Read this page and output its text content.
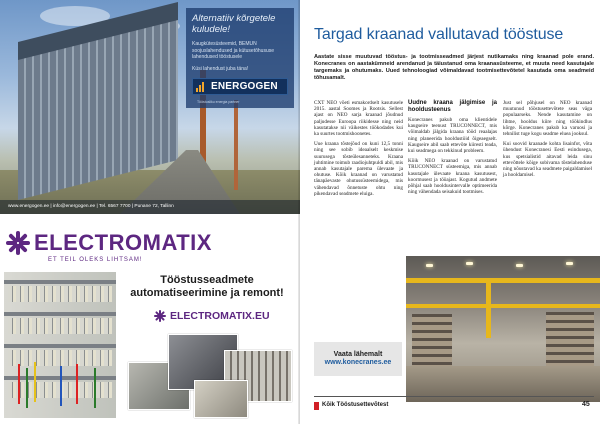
Alternatiiv kõrgetele kuludele!
Kaugkütesüsteemid, BEMUN soojuslahendused ja kütusetõhususe lahendused tööstusele
Küsi lahendust juba täna!
ENERGOGEN
Tööstusliku energia partner
www.energogen.ee | info@energogen.ee | Tel. 6567 7700 | Punane 72, Tallinn
ELECTROMATIX
ET TEIL OLEKS LIHTSAM!
Tööstusseadmete
automatiseerimine ja remont!
ELECTROMATIX.EU
Targad kraanad vallutavad tööstuse
Aastate sisse muutuvad tööstus- ja tootmisseadmed järjest nutikamaks ning kraanad pole erand. Konecranes on aastakümneid arendanud ja täiustanud oma kraanasüsteeme, et muuta need kasutajale targemaks ja ohutumaks. Uued tehnoloogiad võimaldavad tootmisettevõtetel kasutada oma seadmeid tõhusamalt.

CXT NEO võeti esmakordselt kasutusele 2015. aastal Soomes ja Rootsis. Sellest ajast on NEO sarja kraanad jõudnud paljudesse Euroopa riikidesse ning neid kasutatakse nii väikestes töökodades kui ka suurtes tootmishoonetes.

Uue kraana tõstejõud on kuni 12,5 tonni ning see sobib ideaalselt keskmise suurusega tõsteülesanneteks. Kraana juhtimine toimub raadiojuhtpuldi abil, mis annab kasutajale parema ülevaate ja ohutuse. Kõik kraanad on varustatud tänapäevaste ohutussüsteemidega, mis vähendavad õnnetuste ohtu ning pikendavad seadmete eluiga.

Uudne kraana jälgimise ja hooldusteenus

Konecranes pakub oma klientidele kaugseire teenust TRUCONNECT, mis võimaldab jälgida kraana tööd reaalajas ning planeerida hooldustöid õigeaegselt. Kaugseire abil saab ettevõte kiiresti teada, kui seadmega on tekkinud probleem.

Kõik NEO kraanad on varustatud TRUCONNECT süsteemiga, mis annab kasutajale ülevaate kraana kasutusest, koormusest ja tööajast. Kogutud andmete põhjal saab hooldusintervalle optimeerida ning vähendada seisakuid tootmises.

Just sel põhjusel on NEO kraanad muutunud tööstusettevõtete seas väga populaarseks. Nende kasutamine on lihtne, hooldus kiire ning töökindlus kõrge. Konecranes pakub ka varuosi ja tehnilist tuge kogu seadme eluea jooksul.

Kui soovid kraanade kohta lisainfot, võta ühendust Konecranesi Eesti esindusega, kus spetsialistid aitavad leida sinu ettevõttele kõige sobivama tõstelahenduse ning nõustavad ka seadmete paigaldamisel ja hooldamisel.

Vaata lähemalt
www.konecranes.ee
Kõik Tööstusettevõtest	45
